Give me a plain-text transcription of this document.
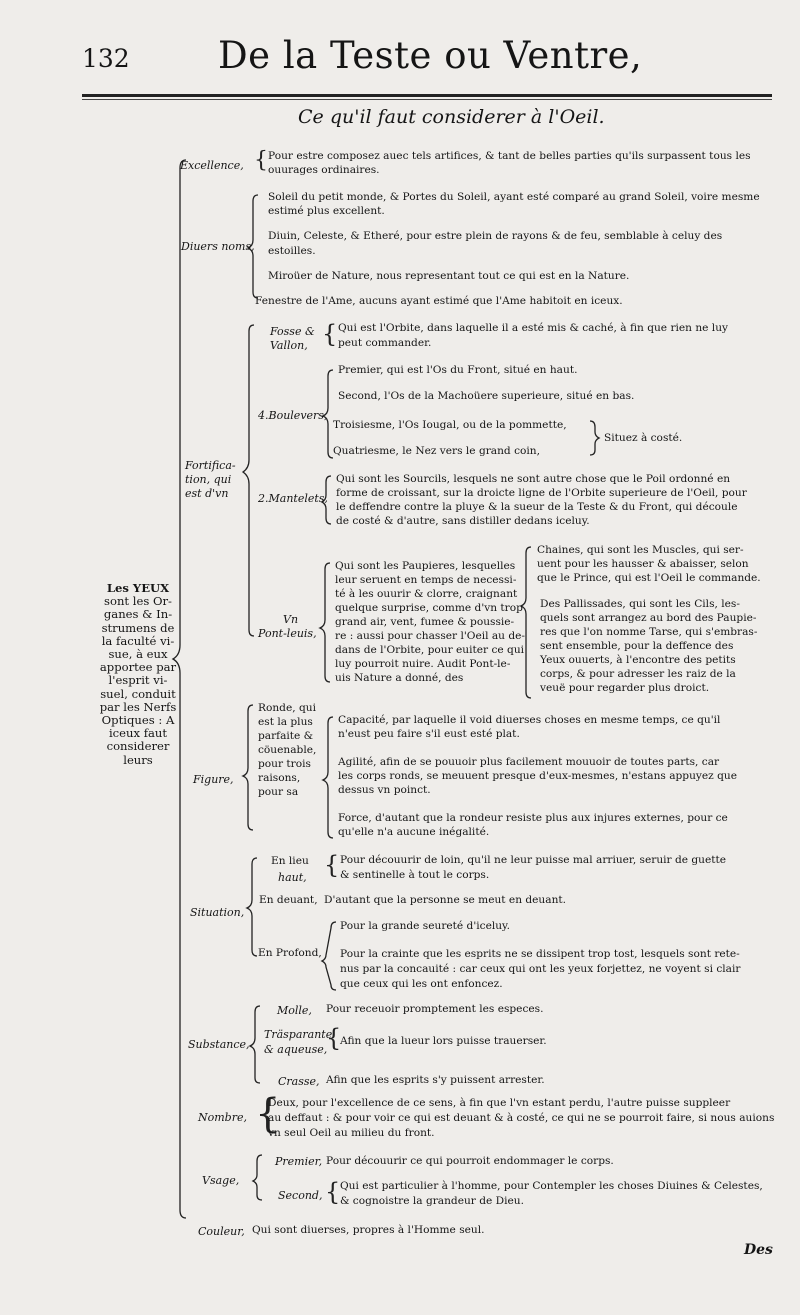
132 De la Teste ou Ventre,
Ce qu'il faut considerer à l'Oeil.
Les YEUX
sont les Or-
ganes & In-
strumens de
la faculté vi-
sue, à eux
apportee par
l'esprit vi-
suel, conduit
par les Nerfs
Optiques : A
iceux faut
considerer
leurs
Excellence, { Pour estre composez auec tels artifices, & tant de belles parties qu'ils surpassent tous les
ouurages ordinaires.
Diuers noms,
Soleil du petit monde, & Portes du Soleil, ayant esté comparé au grand Soleil, voire mesme
estimé plus excellent.
Diuin, Celeste, & Etheré, pour estre plein de rayons & de feu, semblable à celuy des
estoilles.
Miroüer de Nature, nous representant tout ce qui est en la Nature.
Fenestre de l'Ame, aucuns ayant estimé que l'Ame habitoit en iceux.
Fortifica-
tion, qui
est d'vn
Fosse &
Vallon, { Qui est l'Orbite, dans laquelle il a esté mis & caché, à fin que rien ne luy
peut commander.
4.Boulevers,
Premier, qui est l'Os du Front, situé en haut.
Second, l'Os de la Machoüere superieure, situé en bas.
Troisiesme, l'Os Iougal, ou de la pommette,
Quatriesme, le Nez vers le grand coin,
Situez à costé.
2.Mantelets,
Qui sont les Sourcils, lesquels ne sont autre chose que le Poil ordonné en
forme de croissant, sur la droicte ligne de l'Orbite superieure de l'Oeil, pour
le deffendre contre la pluye & la sueur de la Teste & du Front, qui découle
de costé & d'autre, sans distiller dedans iceluy.
Vn
Pont-leuis,
Qui sont les Paupieres, lesquelles
leur seruent en temps de necessi-
té à les ouurir & clorre, craignant
quelque surprise, comme d'vn trop
grand air, vent, fumee & poussie-
re : aussi pour chasser l'Oeil au de-
dans de l'Orbite, pour euiter ce qui
luy pourroit nuire. Audit Pont-le-
uis Nature a donné, des
Chaines, qui sont les Muscles, qui ser-
uent pour les hausser & abaisser, selon
que le Prince, qui est l'Oeil le commande.
Des Pallissades, qui sont les Cils, les-
quels sont arrangez au bord des Paupie-
res que l'on nomme Tarse, qui s'embras-
sent ensemble, pour la deffence des
Yeux ouuerts, à l'encontre des petits
corps, & pour adresser les raiz de la
veuë pour regarder plus droict.
Figure,
Ronde, qui
est la plus
parfaite &
cöuenable,
pour trois
raisons,
pour sa
Capacité, par laquelle il void diuerses choses en mesme temps, ce qu'il
n'eust peu faire s'il eust esté plat.
Agilité, afin de se pouuoir plus facilement mouuoir de toutes parts, car
les corps ronds, se meuuent presque d'eux-mesmes, n'estans appuyez que
dessus vn poinct.
Force, d'autant que la rondeur resiste plus aux injures externes, pour ce
qu'elle n'a aucune inégalité.
Situation,
En lieu
haut, { Pour découurir de loin, qu'il ne leur puisse mal arriuer, seruir de guette
& sentinelle à tout le corps.
En deuant, D'autant que la personne se meut en deuant.
En Profond,
Pour la grande seureté d'iceluy.
Pour la crainte que les esprits ne se dissipent trop tost, lesquels sont rete-
nus par la concauité : car ceux qui ont les yeux forjettez, ne voyent si clair
que ceux qui les ont enfoncez.
Substance,
Molle, Pour receuoir promptement les especes.
Träsparante
& aqueuse,
{
Afin que la lueur lors puisse trauerser.
Crasse, Afin que les esprits s'y puissent arrester.
Nombre, {
Deux, pour l'excellence de ce sens, à fin que l'vn estant perdu, l'autre puisse suppleer
au deffaut : & pour voir ce qui est deuant & à costé, ce qui ne se pourroit faire, si nous auions
vn seul Oeil au milieu du front.
Vsage,
Premier, Pour découurir ce qui pourroit endommager le corps.
Second, { Qui est particulier à l'homme, pour Contempler les choses Diuines & Celestes,
& cognoistre la grandeur de Dieu.
Couleur, Qui sont diuerses, propres à l'Homme seul.
Des
